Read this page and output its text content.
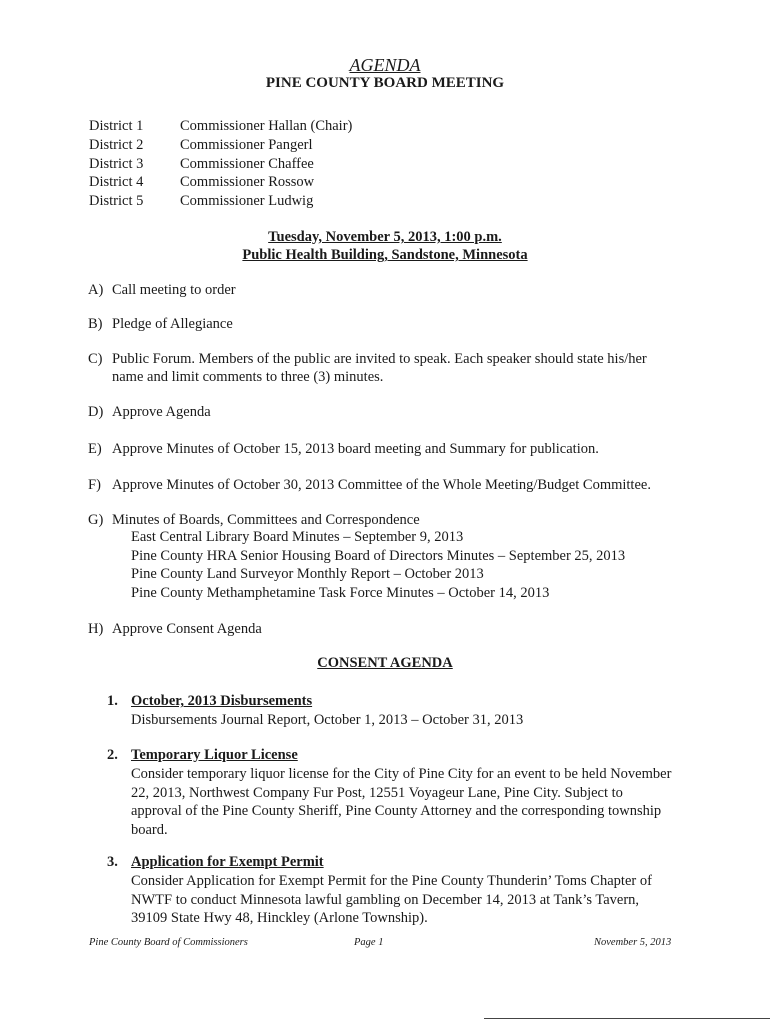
AGENDA
PINE COUNTY BOARD MEETING
District 1	Commissioner Hallan (Chair)
District 2	Commissioner Pangerl
District 3	Commissioner Chaffee
District 4	Commissioner Rossow
District 5	Commissioner Ludwig
Tuesday, November 5, 2013, 1:00 p.m.
Public Health Building, Sandstone, Minnesota
A) Call meeting to order
B) Pledge of Allegiance
C) Public Forum. Members of the public are invited to speak. Each speaker should state his/her
name and limit comments to three (3) minutes.
D) Approve Agenda
E) Approve Minutes of October 15, 2013 board meeting and Summary for publication.
F) Approve Minutes of October 30, 2013 Committee of the Whole Meeting/Budget Committee.
G) Minutes of Boards, Committees and Correspondence
East Central Library Board Minutes – September 9, 2013
Pine County HRA Senior Housing Board of Directors Minutes – September 25, 2013
Pine County Land Surveyor Monthly Report – October 2013
Pine County Methamphetamine Task Force Minutes – October 14, 2013
H) Approve Consent Agenda
CONSENT AGENDA
1. October, 2013 Disbursements
Disbursements Journal Report, October 1, 2013 – October 31, 2013
2. Temporary Liquor License
Consider temporary liquor license for the City of Pine City for an event to be held November
22, 2013, Northwest Company Fur Post, 12551 Voyageur Lane, Pine City. Subject to
approval of the Pine County Sheriff, Pine County Attorney and the corresponding township
board.
3. Application for Exempt Permit
Consider Application for Exempt Permit for the Pine County Thunderin’ Toms Chapter of
NWTF to conduct Minnesota lawful gambling on December 14, 2013 at Tank’s Tavern,
39109 State Hwy 48, Hinckley (Arlone Township).
Pine County Board of Commissioners	Page 1	November 5, 2013
